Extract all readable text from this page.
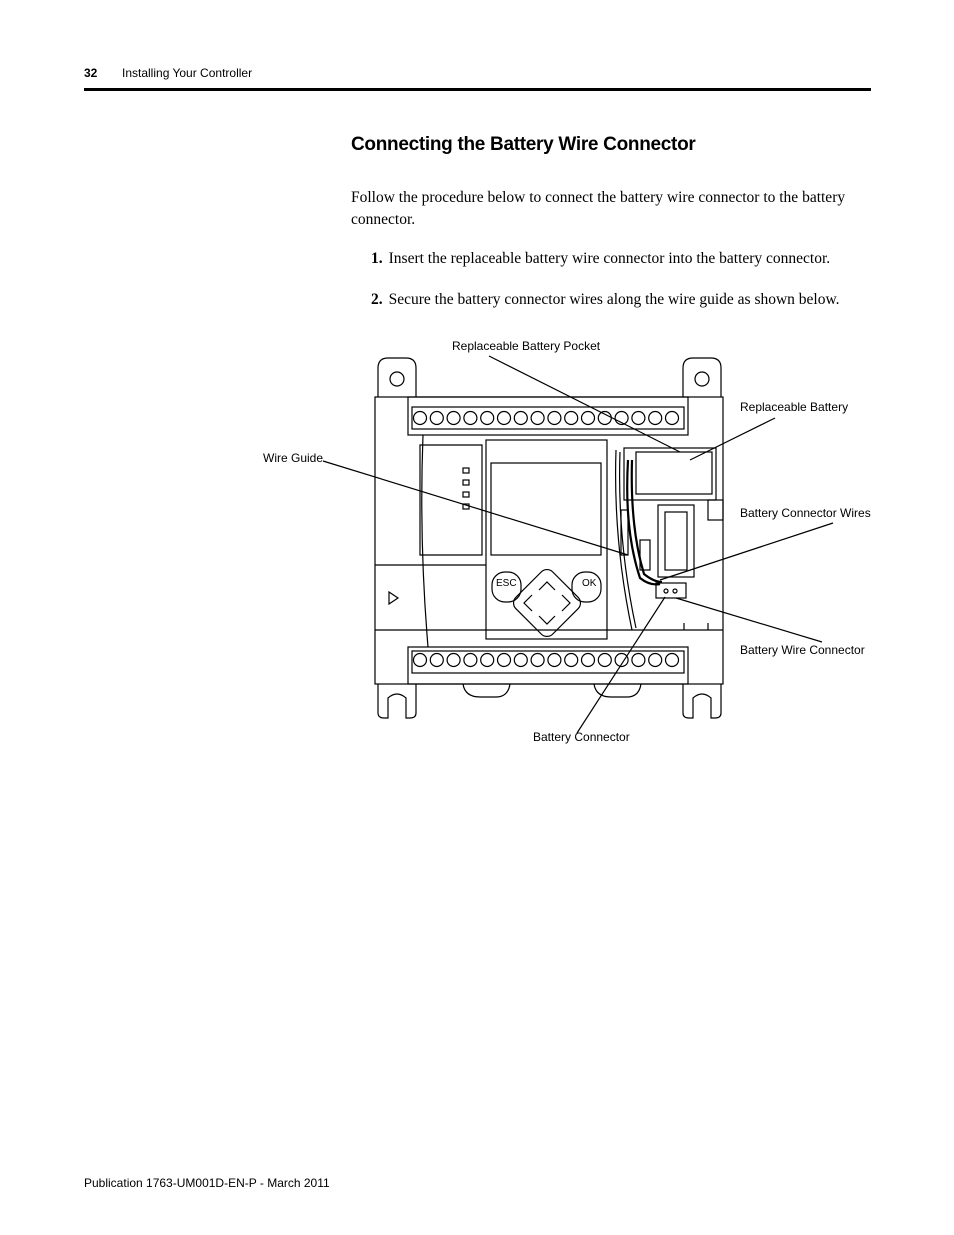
32 Installing Your Controller
Connecting the Battery Wire Connector
Follow the procedure below to connect the battery wire connector to the battery connector.
1. Insert the replaceable battery wire connector into the battery connector.
2. Secure the battery connector wires along the wire guide as shown below.
Replaceable Battery Pocket
Replaceable Battery
Wire Guide
Battery Connector Wires
Battery Wire Connector
Battery Connector
ESC	OK
Publication 1763-UM001D-EN-P - March 2011
